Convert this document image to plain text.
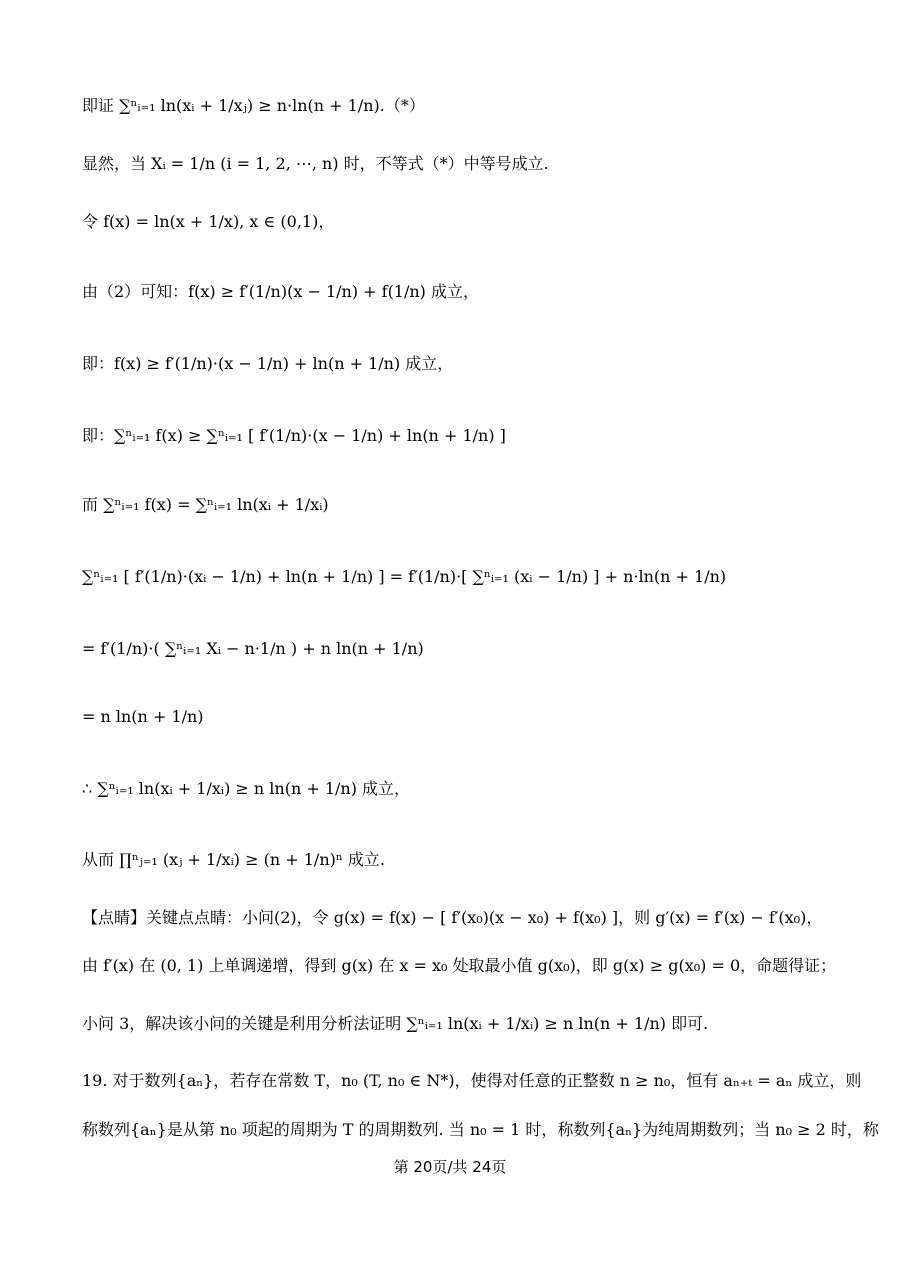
即证 ∑ⁿᵢ₌₁ ln(xᵢ + 1/xⱼ) ≥ n·ln(n + 1/n).（*）
显然，当 Xᵢ = 1/n (i = 1, 2, ⋯, n) 时，不等式（*）中等号成立.
令 f(x) = ln(x + 1/x), x ∈ (0,1)，
由（2）可知：f(x) ≥ f′(1/n)(x − 1/n) + f(1/n) 成立，
即：f(x) ≥ f′(1/n)·(x − 1/n) + ln(n + 1/n) 成立，
即：∑ⁿᵢ₌₁ f(x) ≥ ∑ⁿᵢ₌₁ [ f′(1/n)·(x − 1/n) + ln(n + 1/n) ]
而 ∑ⁿᵢ₌₁ f(x) = ∑ⁿᵢ₌₁ ln(xᵢ + 1/xᵢ)
∑ⁿᵢ₌₁ [ f′(1/n)·(xᵢ − 1/n) + ln(n + 1/n) ] = f′(1/n)·[ ∑ⁿᵢ₌₁ (xᵢ − 1/n) ] + n·ln(n + 1/n)
= f′(1/n)·( ∑ⁿᵢ₌₁ Xᵢ − n·1/n ) + n ln(n + 1/n)
= n ln(n + 1/n)
∴ ∑ⁿᵢ₌₁ ln(xᵢ + 1/xᵢ) ≥ n ln(n + 1/n) 成立，
从而 ∏ⁿⱼ₌₁ (xⱼ + 1/xᵢ) ≥ (n + 1/n)ⁿ 成立.
【点睛】关键点点睛：小问(2)，令 g(x) = f(x) − [ f′(x₀)(x − x₀) + f(x₀) ]，则 g′(x) = f′(x) − f′(x₀)，
由 f′(x) 在 (0, 1) 上单调递增，得到 g(x) 在 x = x₀ 处取最小值 g(x₀)，即 g(x) ≥ g(x₀) = 0，命题得证；
小问 3，解决该小问的关键是利用分析法证明 ∑ⁿᵢ₌₁ ln(xᵢ + 1/xᵢ) ≥ n ln(n + 1/n) 即可.
19. 对于数列{aₙ}，若存在常数 T，n₀ (T, n₀ ∈ N*)，使得对任意的正整数 n ≥ n₀，恒有 aₙ₊ₜ = aₙ 成立，则
称数列{aₙ}是从第 n₀ 项起的周期为 T 的周期数列. 当 n₀ = 1 时，称数列{aₙ}为纯周期数列；当 n₀ ≥ 2 时，称
第 20页/共 24页
